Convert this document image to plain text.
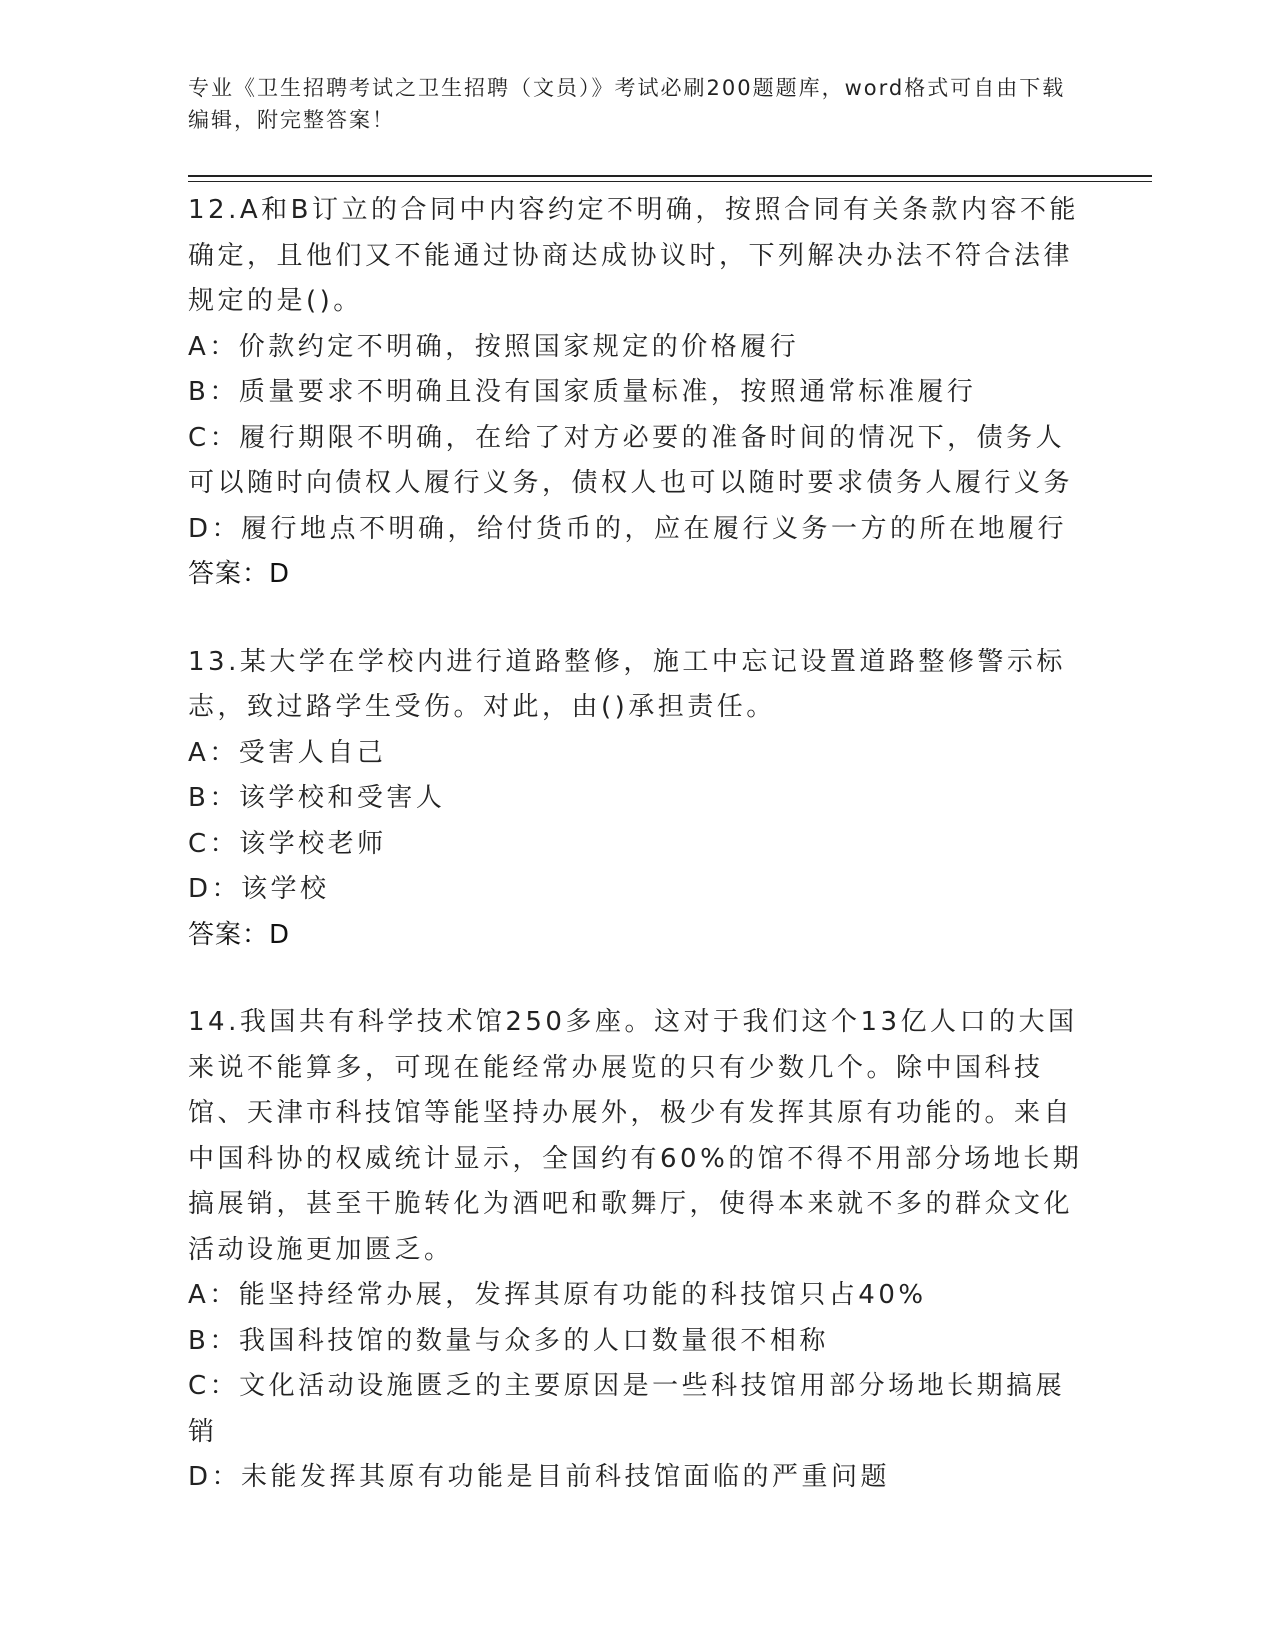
专业《卫生招聘考试之卫生招聘（文员）》考试必刷200题题库，word格式可自由下载编辑，附完整答案！
12.A和B订立的合同中内容约定不明确，按照合同有关条款内容不能确定，且他们又不能通过协商达成协议时，下列解决办法不符合法律规定的是()。
A：价款约定不明确，按照国家规定的价格履行
B：质量要求不明确且没有国家质量标准，按照通常标准履行
C：履行期限不明确，在给了对方必要的准备时间的情况下，债务人可以随时向债权人履行义务，债权人也可以随时要求债务人履行义务
D：履行地点不明确，给付货币的，应在履行义务一方的所在地履行
答案：D
13.某大学在学校内进行道路整修，施工中忘记设置道路整修警示标志，致过路学生受伤。对此，由()承担责任。
A：受害人自己
B：该学校和受害人
C：该学校老师
D：该学校
答案：D
14.我国共有科学技术馆250多座。这对于我们这个13亿人口的大国来说不能算多，可现在能经常办展览的只有少数几个。除中国科技馆、天津市科技馆等能坚持办展外，极少有发挥其原有功能的。来自中国科协的权威统计显示，全国约有60%的馆不得不用部分场地长期搞展销，甚至干脆转化为酒吧和歌舞厅，使得本来就不多的群众文化活动设施更加匮乏。
A：能坚持经常办展，发挥其原有功能的科技馆只占40%
B：我国科技馆的数量与众多的人口数量很不相称
C：文化活动设施匮乏的主要原因是一些科技馆用部分场地长期搞展销
D：未能发挥其原有功能是目前科技馆面临的严重问题
